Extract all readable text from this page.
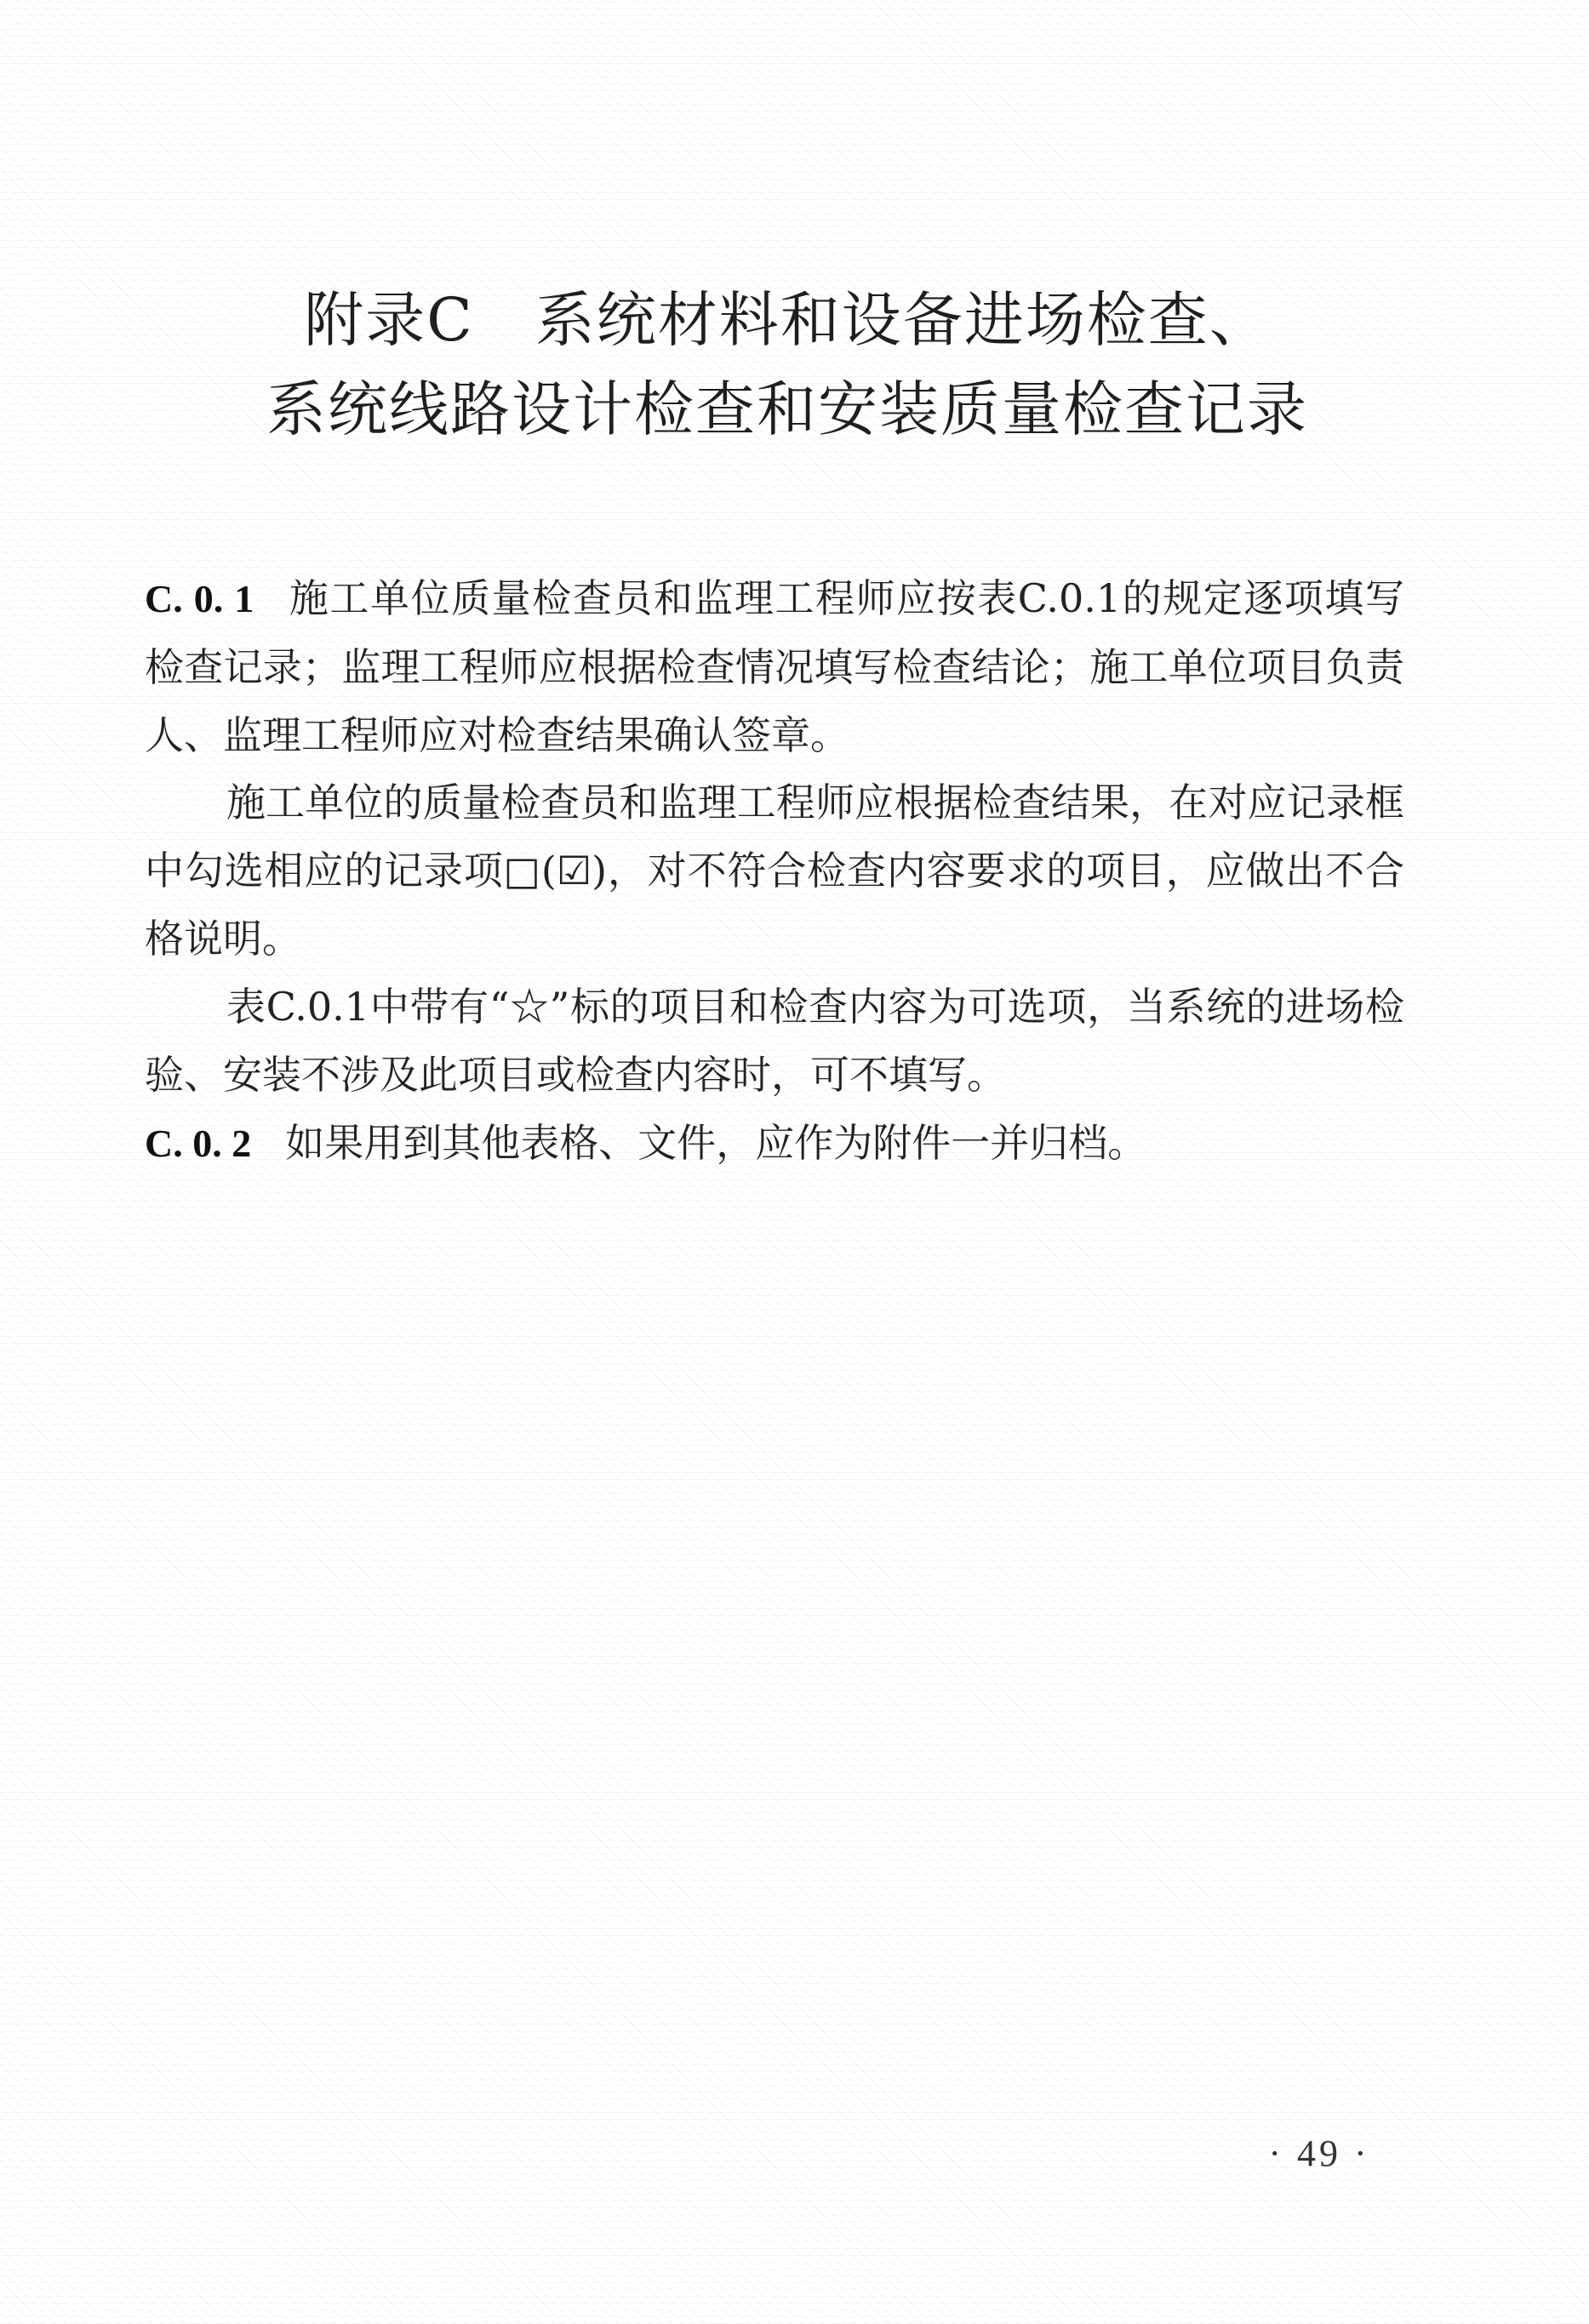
附录C　系统材料和设备进场检查、
系统线路设计检查和安装质量检查记录
C. 0. 1 施工单位质量检查员和监理工程师应按表C.0.1的规定逐项填写检查记录；监理工程师应根据检查情况填写检查结论；施工单位项目负责人、监理工程师应对检查结果确认签章。
施工单位的质量检查员和监理工程师应根据检查结果，在对应记录框中勾选相应的记录项□(☑)，对不符合检查内容要求的项目，应做出不合格说明。
表C.0.1中带有“☆”标的项目和检查内容为可选项，当系统的进场检验、安装不涉及此项目或检查内容时，可不填写。
C. 0. 2 如果用到其他表格、文件，应作为附件一并归档。
· 49 ·
